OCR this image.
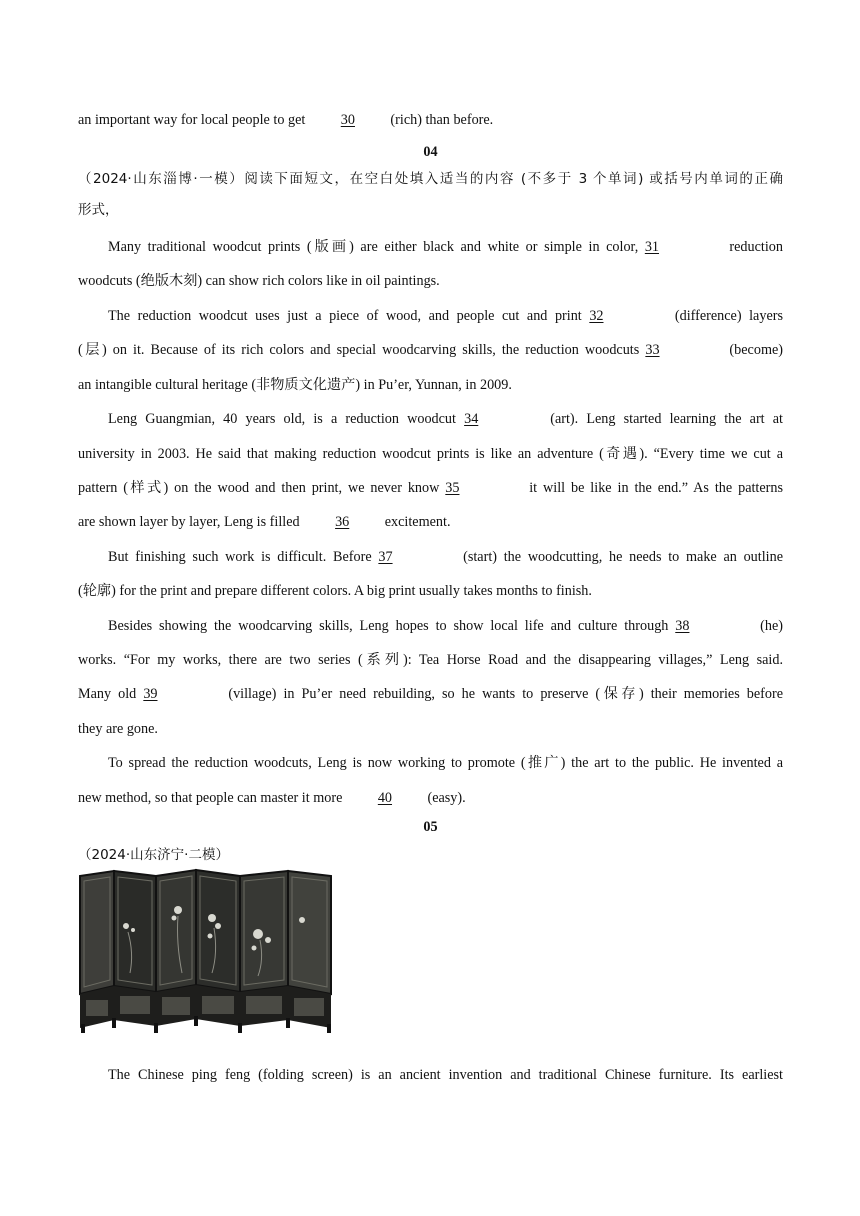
an important way for local people to get 30 (rich) than before.
04
（2024·山东淄博·一模）阅读下面短文，在空白处填入适当的内容 (不多于 3 个单词) 或括号内单词的正确
形式，
Many traditional woodcut prints (版画) are either black and white or simple in color, 31	reduction
woodcuts (绝版木刻) can show rich colors like in oil paintings.
The reduction woodcut uses just a piece of wood, and people cut and print 32	(difference) layers
(层) on it. Because of its rich colors and special woodcarving skills, the reduction woodcuts 33	(become)
an intangible cultural heritage (非物质文化遗产) in Pu’er, Yunnan, in 2009.
Leng Guangmian, 40 years old, is a reduction woodcut 34	(art). Leng started learning the art at
university in 2003. He said that making reduction woodcut prints is like an adventure (奇遇). “Every time we cut a
pattern (样式) on the wood and then print, we never know 35	it will be like in the end.” As the patterns
are shown layer by layer, Leng is filled 36 excitement.
But finishing such work is difficult. Before 37	(start) the woodcutting, he needs to make an outline
(轮廓) for the print and prepare different colors. A big print usually takes months to finish.
Besides showing the woodcarving skills, Leng hopes to show local life and culture through 38	(he)
works. “For my works, there are two series (系列): Tea Horse Road and the disappearing villages,” Leng said.
Many old 39	(village) in Pu’er need rebuilding, so he wants to preserve (保存) their memories before
they are gone.
To spread the reduction woodcuts, Leng is now working to promote (推广) the art to the public. He invented a
new method, so that people can master it more 40 (easy).
05
（2024·山东济宁·二模）
The Chinese ping feng (folding screen) is an ancient invention and traditional Chinese furniture. Its earliest
